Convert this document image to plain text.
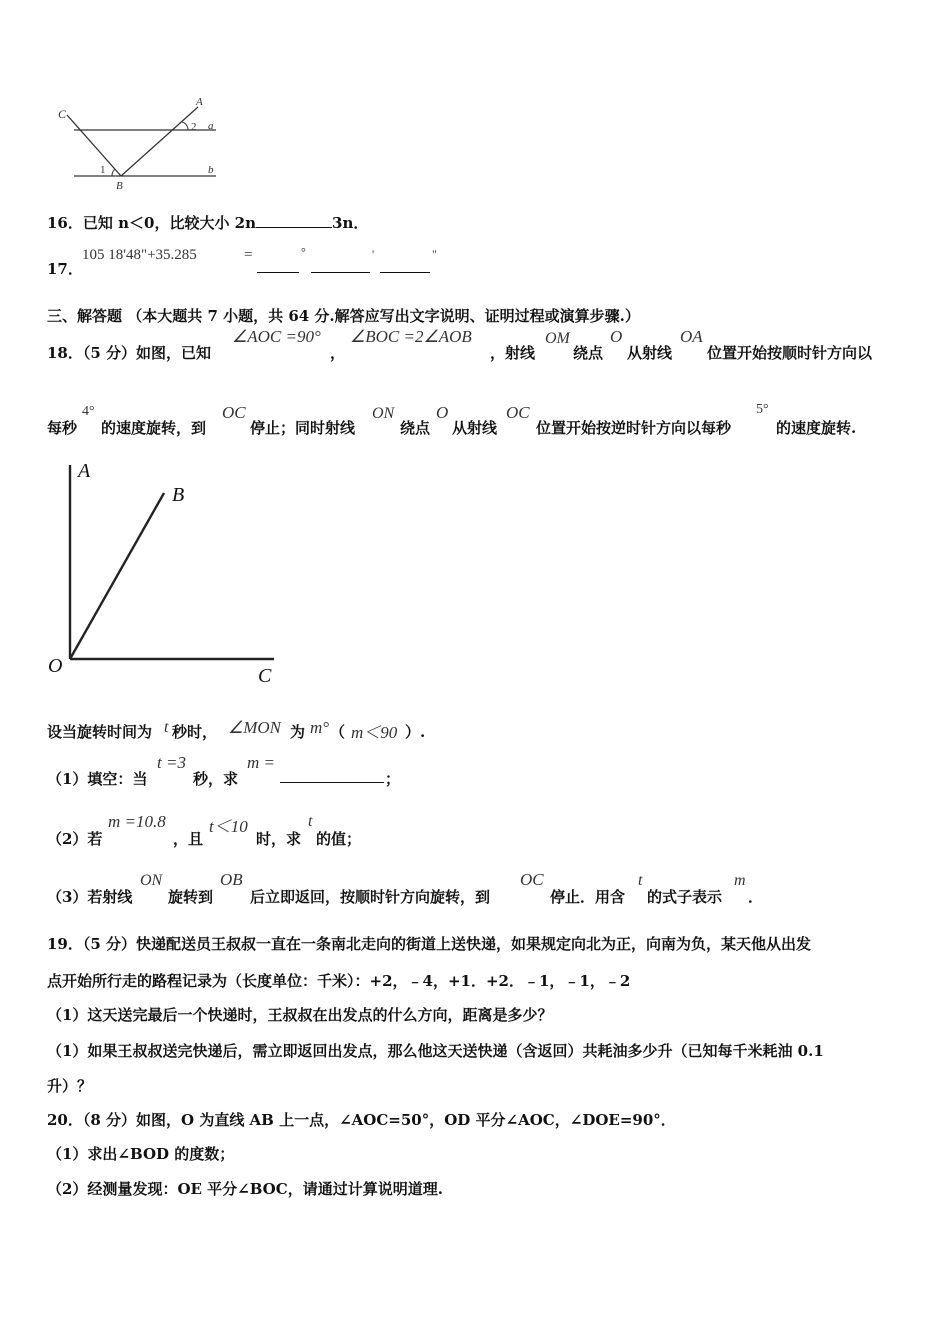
C
A
a
b
B
1
2
16．已知 n＜0，比较大小 2n	3n．
17．
105 18'48"+35.285	=	°	'	"
三、解答题 （本大题共 7 小题，共 64 分.解答应写出文字说明、证明过程或演算步骤.）
18．（5 分）如图，已知
∠AOC =90°
，
∠BOC =2∠AOB
，射线
OM
绕点
O
从射线
OA
位置开始按顺时针方向以
每秒
4°
的速度旋转，到
OC
停止；同时射线
ON
绕点
O
从射线
OC
位置开始按逆时针方向以每秒
5°
的速度旋转.
A
B
O	C
设当旋转时间为 t 秒时， ∠MON 为 m° （ m＜90 ）.
（1）填空：当
t =3
秒，求
m =
；
（2）若
m =10.8
，且
t＜10
时，求
t
的值；
（3）若射线
ON
旋转到
OB
后立即返回，按顺时针方向旋转，到
OC
停止．用含
t
的式子表示
m
．
19．（5 分）快递配送员王叔叔一直在一条南北走向的街道上送快递，如果规定向北为正，向南为负，某天他从出发
点开始所行走的路程记录为（长度单位：千米）：+2，﹣4，+1．+2．﹣1，﹣1，﹣2
（1）这天送完最后一个快递时，王叔叔在出发点的什么方向，距离是多少？
（1）如果王叔叔送完快递后，需立即返回出发点，那么他这天送快递（含返回）共耗油多少升（已知每千米耗油 0.1
升）？
20．（8 分）如图，O 为直线 AB 上一点，∠AOC=50°，OD 平分∠AOC，∠DOE=90°．
（1）求出∠BOD 的度数；
（2）经测量发现：OE 平分∠BOC，请通过计算说明道理.
